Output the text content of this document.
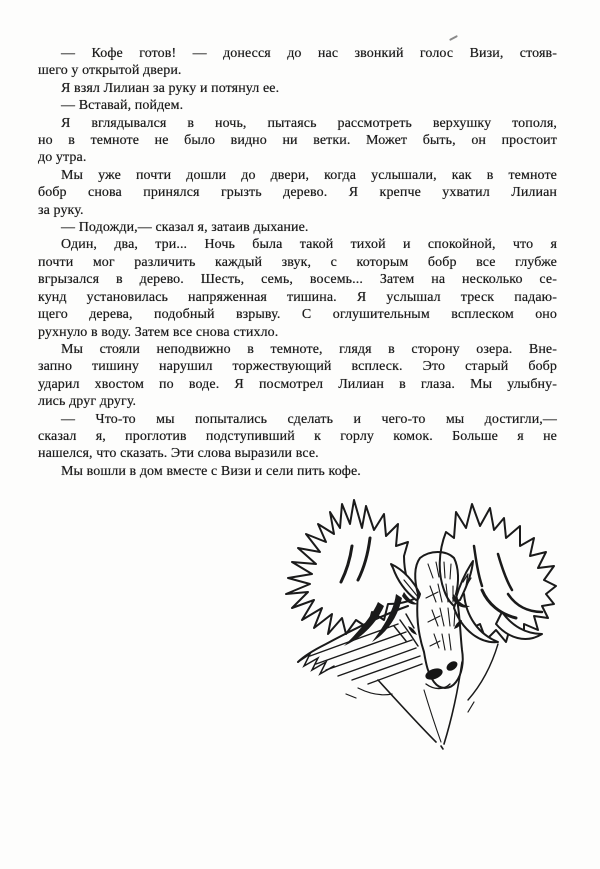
— Кофе готов! — донесся до нас звонкий голос Визи, стояв-
шего у открытой двери.
Я взял Лилиан за руку и потянул ее.
— Вставай, пойдем.
Я вглядывался в ночь, пытаясь рассмотреть верхушку тополя,
но в темноте не было видно ни ветки. Может быть, он простоит
до утра.
Мы уже почти дошли до двери, когда услышали, как в темноте
бобр снова принялся грызть дерево. Я крепче ухватил Лилиан
за руку.
— Подожди,— сказал я, затаив дыхание.
Один, два, три... Ночь была такой тихой и спокойной, что я
почти мог различить каждый звук, с которым бобр все глубже
вгрызался в дерево. Шесть, семь, восемь... Затем на несколько се-
кунд установилась напряженная тишина. Я услышал треск падаю-
щего дерева, подобный взрыву. С оглушительным всплеском оно
рухнуло в воду. Затем все снова стихло.
Мы стояли неподвижно в темноте, глядя в сторону озера. Вне-
запно тишину нарушил торжествующий всплеск. Это старый бобр
ударил хвостом по воде. Я посмотрел Лилиан в глаза. Мы улыбну-
лись друг другу.
— Что-то мы попытались сделать и чего-то мы достигли,—
сказал я, проглотив подступивший к горлу комок. Больше я не
нашелся, что сказать. Эти слова выразили все.
Мы вошли в дом вместе с Визи и сели пить кофе.
